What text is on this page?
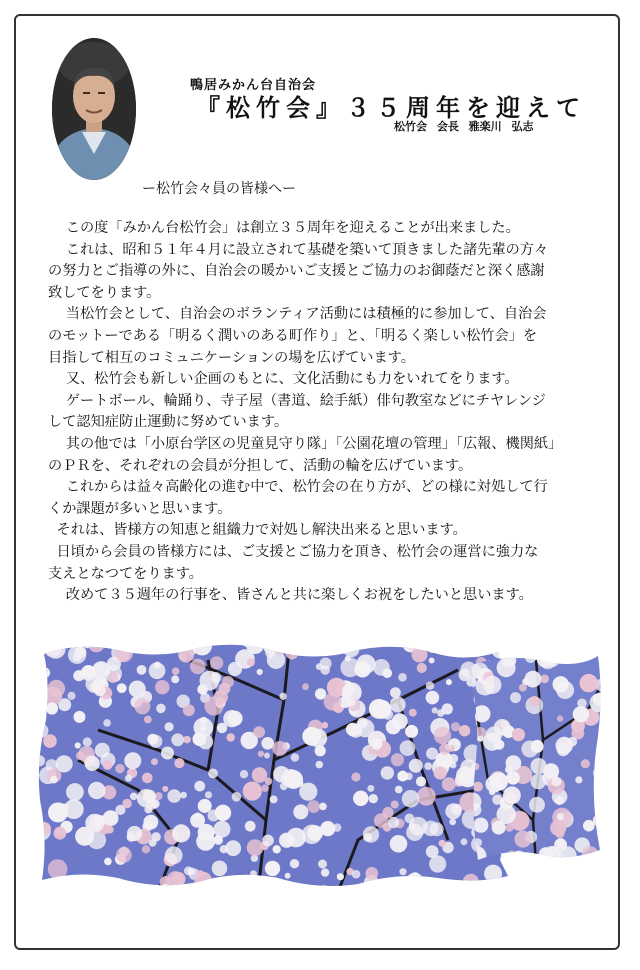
鴨居みかん台自治会
『松竹会』３５周年を迎えて
松竹会 会長 雅楽川 弘志
ー松竹会々員の皆様へー

この度「みかん台松竹会」は創立３５周年を迎えることが出来ました。

これは、昭和５１年４月に設立されて基礎を築いて頂きました諸先輩の方々

の努力とご指導の外に、自治会の暖かいご支援とご協力のお御蔭だと深く感謝

致してをります。

当松竹会として、自治会のボランティア活動には積極的に参加して、自治会

のモットーである「明るく潤いのある町作り」と、「明るく楽しい松竹会」を

目指して相互のコミュニケーションの場を広げています。

又、松竹会も新しい企画のもとに、文化活動にも力をいれてをります。

ゲートボール、輪踊り、寺子屋（書道、絵手紙）俳句教室などにチヤレンジ

して認知症防止運動に努めています。

其の他では「小原台学区の児童見守り隊」「公園花壇の管理」「広報、機関紙」

のＰＲを、それぞれの会員が分担して、活動の輪を広げています。

これからは益々高齢化の進む中で、松竹会の在り方が、どの様に対処して行

くか課題が多いと思います。

それは、皆様方の知恵と組織力で対処し解決出来ると思います。

日頃から会員の皆様方には、ご支援とご協力を頂き、松竹会の運営に強力な

支えとなつてをります。

改めて３５週年の行事を、皆さんと共に楽しくお祝をしたいと思います。
